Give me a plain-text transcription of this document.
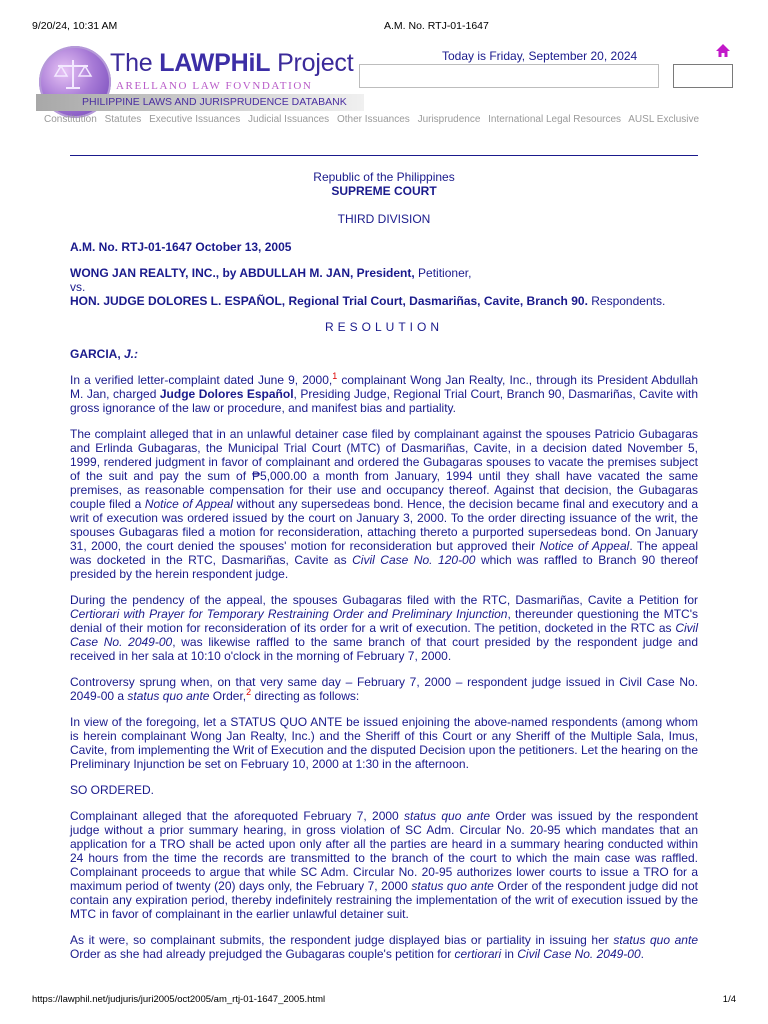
9/20/24, 10:31 AM	A.M. No. RTJ-01-1647
PHILIPPINE LAWS AND JURISPRUDENCE DATABANK
The LAWPHiL Project
ARELLANO LAW FOVNDATION
Today is Friday, September 20, 2024
Constitution Statutes Executive Issuances Judicial Issuances Other Issuances Jurisprudence International Legal Resources AUSL Exclusive

Republic of the Philippines

SUPREME COURT

THIRD DIVISION

A.M. No. RTJ-01-1647 October 13, 2005

WONG JAN REALTY, INC., by ABDULLAH M. JAN, President, Petitioner,
vs.
HON. JUDGE DOLORES L. ESPAÑOL, Regional Trial Court, Dasmariñas, Cavite, Branch 90. Respondents.

RESOLUTION

GARCIA, J.:

In a verified letter-complaint dated June 9, 2000,$^1$ complainant Wong Jan Realty, Inc., through its President Abdullah M. Jan, charged Judge Dolores Español, Presiding Judge, Regional Trial Court, Branch 90, Dasmariñas, Cavite with gross ignorance of the law or procedure, and manifest bias and partiality.

The complaint alleged that in an unlawful detainer case filed by complainant against the spouses Patricio Gubagaras and Erlinda Gubagaras, the Municipal Trial Court (MTC) of Dasmariñas, Cavite, in a decision dated November 5, 1999, rendered judgment in favor of complainant and ordered the Gubagaras spouses to vacate the premises subject of the suit and pay the sum of ₱5,000.00 a month from January, 1994 until they shall have vacated the same premises, as reasonable compensation for their use and occupancy thereof. Against that decision, the Gubagaras couple filed a Notice of Appeal without any supersedeas bond. Hence, the decision became final and executory and a writ of execution was ordered issued by the court on January 3, 2000. To the order directing issuance of the writ, the spouses Gubagaras filed a motion for reconsideration, attaching thereto a purported supersedeas bond. On January 31, 2000, the court denied the spouses' motion for reconsideration but approved their Notice of Appeal. The appeal was docketed in the RTC, Dasmariñas, Cavite as Civil Case No. 120-00 which was raffled to Branch 90 thereof presided by the herein respondent judge.

During the pendency of the appeal, the spouses Gubagaras filed with the RTC, Dasmariñas, Cavite a Petition for Certiorari with Prayer for Temporary Restraining Order and Preliminary Injunction, thereunder questioning the MTC's denial of their motion for reconsideration of its order for a writ of execution. The petition, docketed in the RTC as Civil Case No. 2049-00, was likewise raffled to the same branch of that court presided by the respondent judge and received in her sala at 10:10 o'clock in the morning of February 7, 2000.

Controversy sprung when, on that very same day – February 7, 2000 – respondent judge issued in Civil Case No. 2049-00 a status quo ante Order,$^2$ directing as follows:

In view of the foregoing, let a STATUS QUO ANTE be issued enjoining the above-named respondents (among whom is herein complainant Wong Jan Realty, Inc.) and the Sheriff of this Court or any Sheriff of the Multiple Sala, Imus, Cavite, from implementing the Writ of Execution and the disputed Decision upon the petitioners. Let the hearing on the Preliminary Injunction be set on February 10, 2000 at 1:30 in the afternoon.

SO ORDERED.

Complainant alleged that the aforequoted February 7, 2000 status quo ante Order was issued by the respondent judge without a prior summary hearing, in gross violation of SC Adm. Circular No. 20-95 which mandates that an application for a TRO shall be acted upon only after all the parties are heard in a summary hearing conducted within 24 hours from the time the records are transmitted to the branch of the court to which the main case was raffled. Complainant proceeds to argue that while SC Adm. Circular No. 20-95 authorizes lower courts to issue a TRO for a maximum period of twenty (20) days only, the February 7, 2000 status quo ante Order of the respondent judge did not contain any expiration period, thereby indefinitely restraining the implementation of the writ of execution issued by the MTC in favor of complainant in the earlier unlawful detainer suit.

As it were, so complainant submits, the respondent judge displayed bias or partiality in issuing her status quo ante Order as she had already prejudged the Gubagaras couple's petition for certiorari in Civil Case No. 2049-00.

https://lawphil.net/judjuris/juri2005/oct2005/am_rtj-01-1647_2005.html	1/4
